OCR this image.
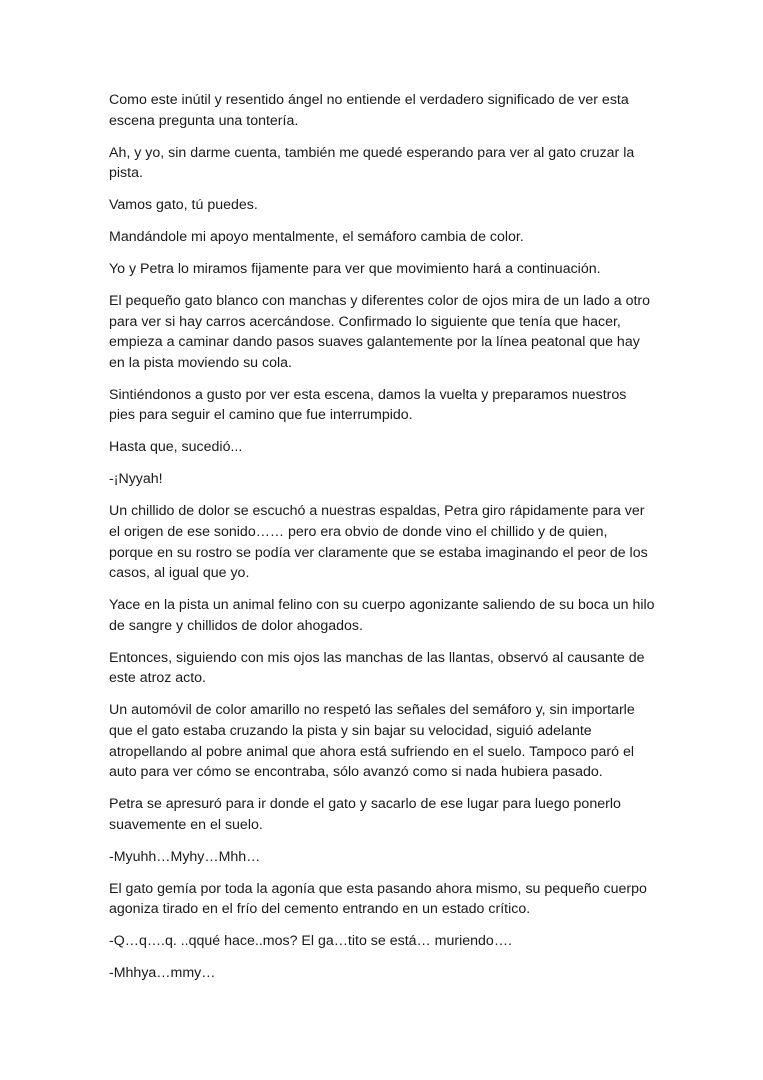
Como este inútil y resentido ángel no entiende el verdadero significado de ver esta escena pregunta una tontería.

Ah, y yo, sin darme cuenta, también me quedé esperando para ver al gato cruzar la pista.

Vamos gato, tú puedes.

Mandándole mi apoyo mentalmente, el semáforo cambia de color.

Yo y Petra lo miramos fijamente para ver que movimiento hará a continuación.

El pequeño gato blanco con manchas y diferentes color de ojos mira de un lado a otro para ver si hay carros acercándose. Confirmado lo siguiente que tenía que hacer, empieza a caminar dando pasos suaves galantemente por la línea peatonal que hay en la pista moviendo su cola.

Sintiéndonos a gusto por ver esta escena, damos la vuelta y preparamos nuestros pies para seguir el camino que fue interrumpido.

Hasta que, sucedió...

-¡Nyyah!

Un chillido de dolor se escuchó a nuestras espaldas, Petra giro rápidamente para ver el origen de ese sonido…… pero era obvio de donde vino el chillido y de quien, porque en su rostro se podía ver claramente que se estaba imaginando el peor de los casos, al igual que yo.

Yace en la pista un animal felino con su cuerpo agonizante saliendo de su boca un hilo de sangre y chillidos de dolor ahogados.

Entonces, siguiendo con mis ojos las manchas de las llantas, observó al causante de este atroz acto.

Un automóvil de color amarillo no respetó las señales del semáforo y, sin importarle que el gato estaba cruzando la pista y sin bajar su velocidad, siguió adelante atropellando al pobre animal que ahora está sufriendo en el suelo. Tampoco paró el auto para ver cómo se encontraba, sólo avanzó como si nada hubiera pasado.

Petra se apresuró para ir donde el gato y sacarlo de ese lugar para luego ponerlo suavemente en el suelo.

-Myuhh…Myhy…Mhh…

El gato gemía por toda la agonía que esta pasando ahora mismo, su pequeño cuerpo agoniza tirado en el frío del cemento entrando en un estado crítico.

-Q…q….q. ..qqué hace..mos? El ga…tito se está… muriendo….

-Mhhya…mmy…
